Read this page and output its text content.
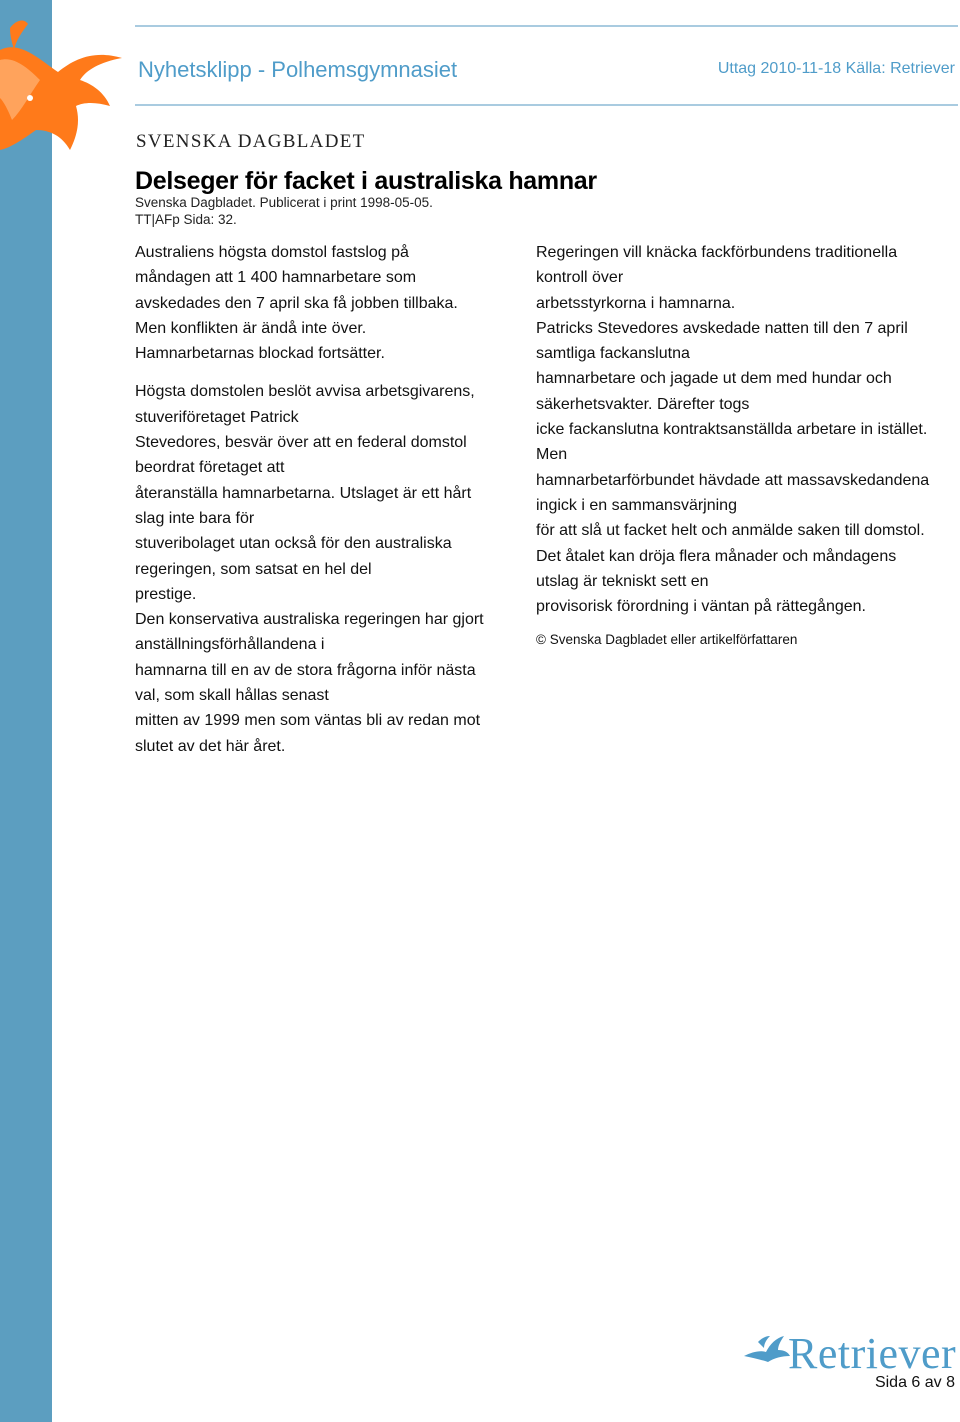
Nyhetsklipp - Polhemsgymnasiet	Uttag 2010-11-18 Källa: Retriever
SVENSKA DAGBLADET
Delseger för facket i australiska hamnar
Svenska Dagbladet. Publicerat i print 1998-05-05.
TT|AFp Sida: 32.

Australiens högsta domstol fastslog på
måndagen att 1 400 hamnarbetare som
avskedades den 7 april ska få jobben tillbaka.
Men konflikten är ändå inte över.
Hamnarbetarnas blockad fortsätter.

Högsta domstolen beslöt avvisa arbetsgivarens,
stuveriföretaget Patrick
Stevedores, besvär över att en federal domstol
beordrat företaget att
återanställa hamnarbetarna. Utslaget är ett hårt
slag inte bara för
stuveribolaget utan också för den australiska
regeringen, som satsat en hel del
prestige.
Den konservativa australiska regeringen har gjort
anställningsförhållandena i
hamnarna till en av de stora frågorna inför nästa
val, som skall hållas senast
mitten av 1999 men som väntas bli av redan mot
slutet av det här året.

Regeringen vill knäcka fackförbundens traditionella
kontroll över
arbetsstyrkorna i hamnarna.
Patricks Stevedores avskedade natten till den 7 april
samtliga fackanslutna
hamnarbetare och jagade ut dem med hundar och
säkerhetsvakter. Därefter togs
icke fackanslutna kontraktsanställda arbetare in istället.
Men
hamnarbetarförbundet hävdade att massavskedandena
ingick i en sammansvärjning
för att slå ut facket helt och anmälde saken till domstol.
Det åtalet kan dröja flera månader och måndagens
utslag är tekniskt sett en
provisorisk förordning i väntan på rättegången.

© Svenska Dagbladet eller artikelförfattaren

Retriever
Sida 6 av 8
